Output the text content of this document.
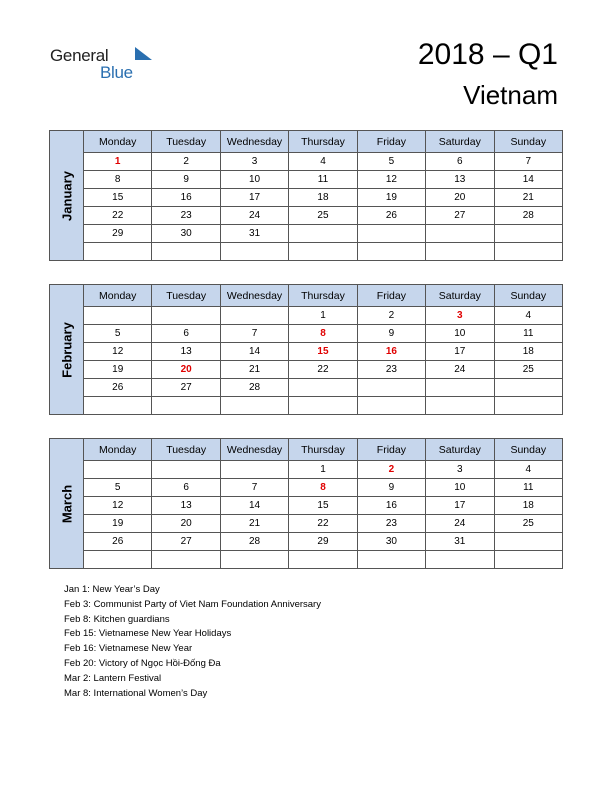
General
Blue
2018 – Q1
Vietnam
January	Monday	Tuesday	Wednesday	Thursday	Friday	Saturday	Sunday
	1	2	3	4	5	6	7
	8	9	10	11	12	13	14
	15	16	17	18	19	20	21
	22	23	24	25	26	27	28
	29	30	31				

February	Monday	Tuesday	Wednesday	Thursday	Friday	Saturday	Sunday
				1	2	3	4
	5	6	7	8	9	10	11
	12	13	14	15	16	17	18
	19	20	21	22	23	24	25
	26	27	28				

March	Monday	Tuesday	Wednesday	Thursday	Friday	Saturday	Sunday
				1	2	3	4
	5	6	7	8	9	10	11
	12	13	14	15	16	17	18
	19	20	21	22	23	24	25
	26	27	28	29	30	31	

Jan 1: New Year’s Day
Feb 3: Communist Party of Viet Nam Foundation Anniversary
Feb 8: Kitchen guardians
Feb 15: Vietnamese New Year Holidays
Feb 16: Vietnamese New Year
Feb 20: Victory of Ngọc Hồi-Đống Đa
Mar 2: Lantern Festival
Mar 8: International Women’s Day
